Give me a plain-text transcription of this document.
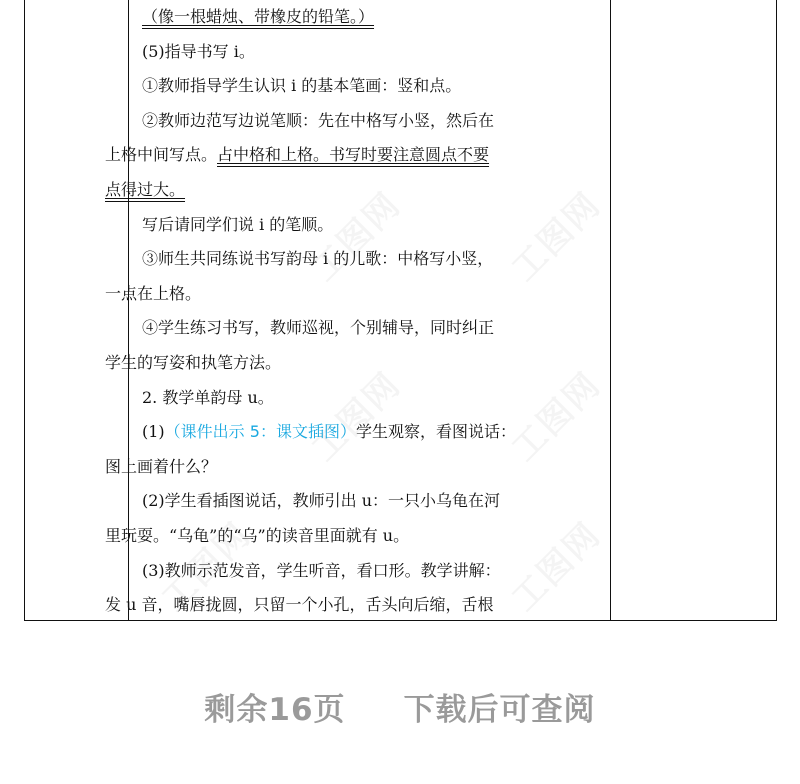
（像一根蜡烛、带橡皮的铅笔。）
(5)指导书写 i。
①教师指导学生认识 i 的基本笔画：竖和点。
②教师边范写边说笔顺：先在中格写小竖，然后在
上格中间写点。占中格和上格。书写时要注意圆点不要
点得过大。
写后请同学们说 i 的笔顺。
③师生共同练说书写韵母 i 的儿歌：中格写小竖，
一点在上格。
④学生练习书写，教师巡视，个别辅导，同时纠正
学生的写姿和执笔方法。
2. 教学单韵母 u。
(1)（课件出示 5：课文插图）学生观察，看图说话：
图上画着什么？
(2)学生看插图说话，教师引出 u：一只小乌龟在河
里玩耍。“乌龟”的“乌”的读音里面就有 u。
(3)教师示范发音，学生听音，看口形。教学讲解：
发 u 音，嘴唇拢圆，只留一个小孔，舌头向后缩，舌根
剩余16页 下载后可查阅
